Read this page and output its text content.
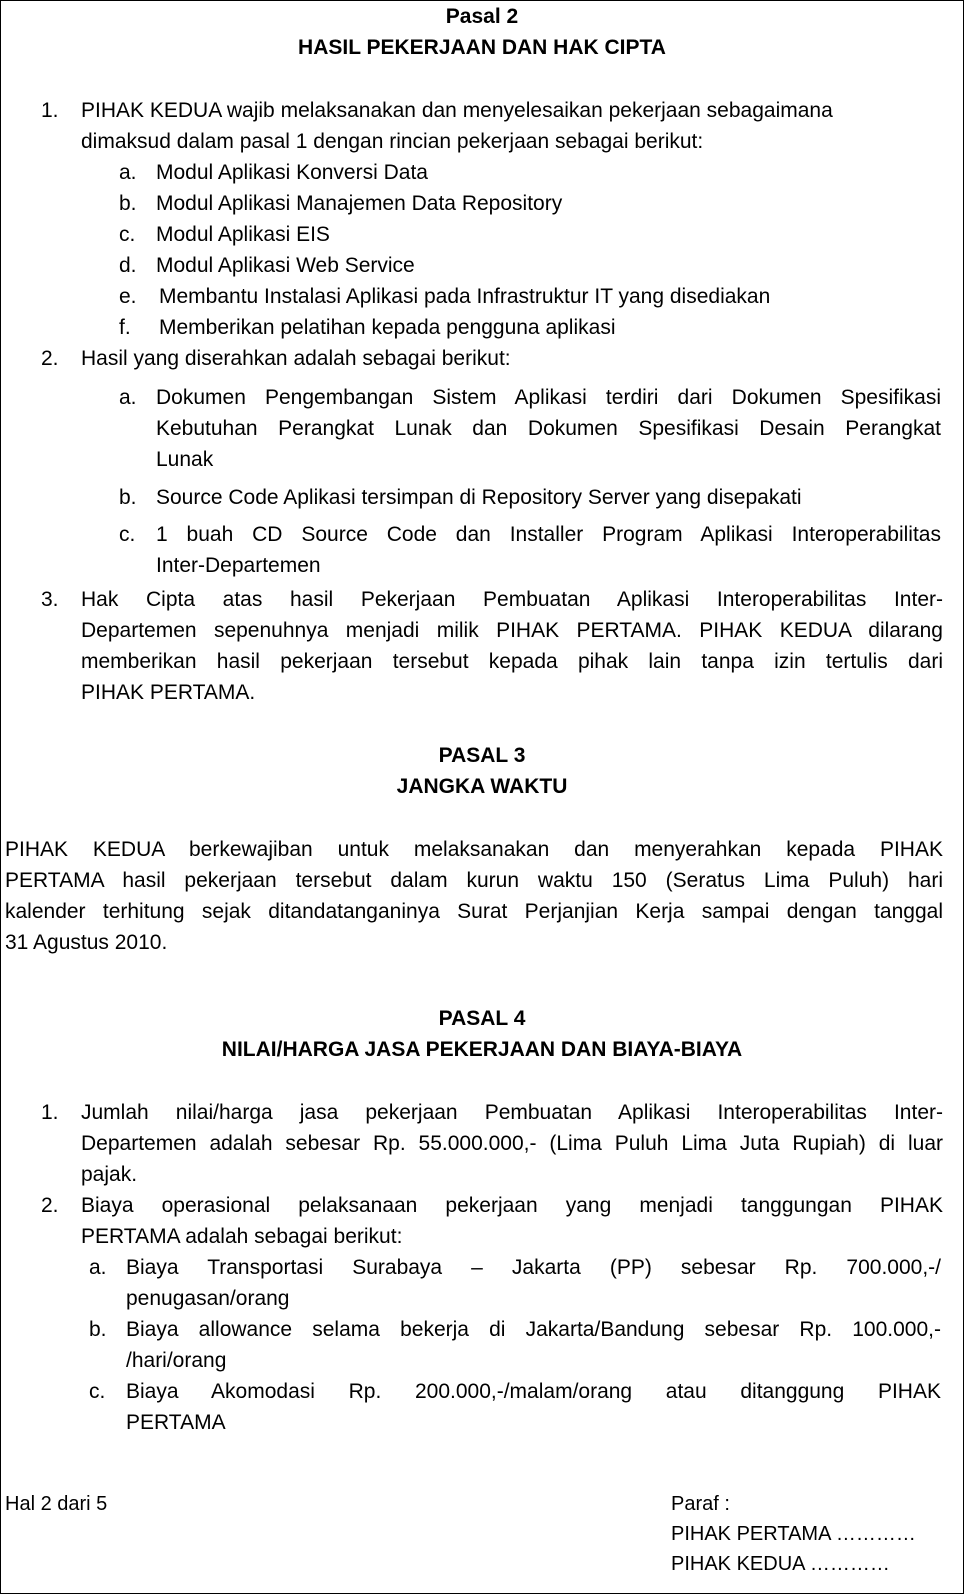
Pasal 2
HASIL PEKERJAAN DAN HAK CIPTA
1. PIHAK KEDUA wajib melaksanakan dan menyelesaikan pekerjaan sebagaimana
dimaksud dalam pasal 1 dengan rincian pekerjaan sebagai berikut:
a. Modul Aplikasi Konversi Data
b. Modul Aplikasi Manajemen Data Repository
c. Modul Aplikasi EIS
d. Modul Aplikasi Web Service
e. Membantu Instalasi Aplikasi pada Infrastruktur IT yang disediakan
f. Memberikan pelatihan kepada pengguna aplikasi
2. Hasil yang diserahkan adalah sebagai berikut:
a. Dokumen Pengembangan Sistem Aplikasi terdiri dari Dokumen Spesifikasi
Kebutuhan Perangkat Lunak dan Dokumen Spesifikasi Desain Perangkat
Lunak
b. Source Code Aplikasi tersimpan di Repository Server yang disepakati
c. 1 buah CD Source Code dan Installer Program Aplikasi Interoperabilitas
Inter-Departemen
3. Hak Cipta atas hasil Pekerjaan Pembuatan Aplikasi Interoperabilitas Inter-
Departemen sepenuhnya menjadi milik PIHAK PERTAMA. PIHAK KEDUA dilarang
memberikan hasil pekerjaan tersebut kepada pihak lain tanpa izin tertulis dari
PIHAK PERTAMA.
PASAL 3
JANGKA WAKTU
PIHAK KEDUA berkewajiban untuk melaksanakan dan menyerahkan kepada PIHAK
PERTAMA hasil pekerjaan tersebut dalam kurun waktu 150 (Seratus Lima Puluh) hari
kalender terhitung sejak ditandatanganinya Surat Perjanjian Kerja sampai dengan tanggal
31 Agustus 2010.
PASAL 4
NILAI/HARGA JASA PEKERJAAN DAN BIAYA-BIAYA
1. Jumlah nilai/harga jasa pekerjaan Pembuatan Aplikasi Interoperabilitas Inter-
Departemen adalah sebesar Rp. 55.000.000,- (Lima Puluh Lima Juta Rupiah) di luar
pajak.
2. Biaya operasional pelaksanaan pekerjaan yang menjadi tanggungan PIHAK
PERTAMA adalah sebagai berikut:
a. Biaya Transportasi Surabaya – Jakarta (PP) sebesar Rp. 700.000,-/
penugasan/orang
b. Biaya allowance selama bekerja di Jakarta/Bandung sebesar Rp. 100.000,-
/hari/orang
c. Biaya Akomodasi Rp. 200.000,-/malam/orang atau ditanggung PIHAK
PERTAMA
Hal 2 dari 5	Paraf :
PIHAK PERTAMA …………
PIHAK KEDUA …………
